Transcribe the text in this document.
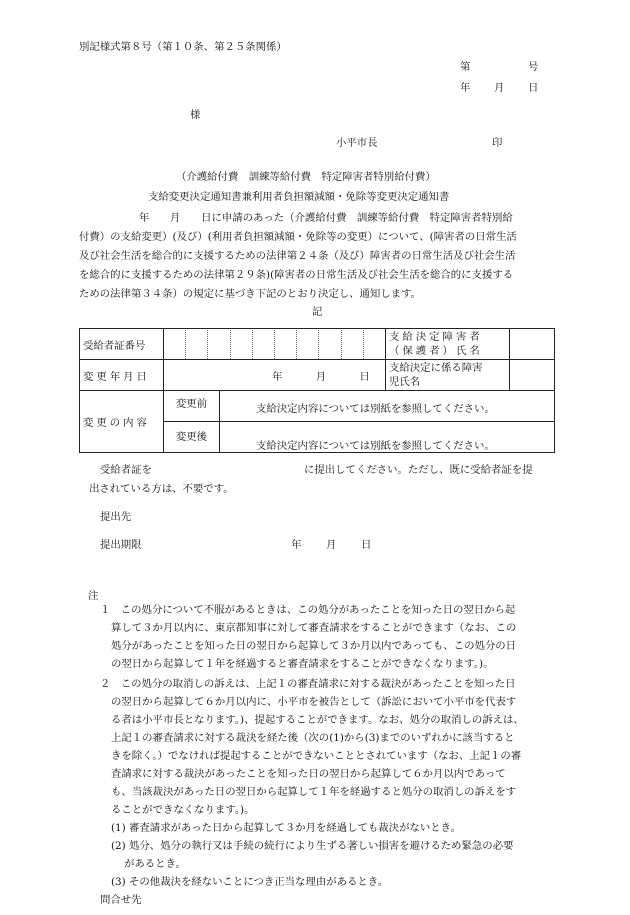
別記様式第８号（第１０条、第２５条関係）
第	号
年 月 日
様
小平市長	印
（介護給付費　訓練等給付費　特定障害者特別給付費）
支給変更決定通知書兼利用者負担額減額・免除等変更決定通知書
　　年　　月　　日に申請のあった（介護給付費　訓練等給付費　特定障害者特別給
付費）の支給変更）(及び）(利用者負担額減額・免除等の変更）について、(障害者の日常生活
及び社会生活を総合的に支援するための法律第２４条（及び）障害者の日常生活及び社会生活
を総合的に支援するための法律第２９条)(障害者の日常生活及び社会生活を総合的に支援する
ための法律第３４条）の規定に基づき下記のとおり決定し、通知します。
記
受給者証番号			支給決定障害者
（保護者）氏名	

変更年月日	年 月 日		支給決定に係る障害
児氏名	

変更の内容	変更前	支給決定内容については別紙を参照してください。		
	変更後	支給決定内容については別紙を参照してください。		
受給者証を	に提出してください。ただし、既に受給者証を提
出されている方は、不要です。
提出先
提出期限	年 月 日
注
１　この処分について不服があるときは、この処分があったことを知った日の翌日から起
算して３か月以内に、東京都知事に対して審査請求をすることができます（なお、この
処分があったことを知った日の翌日から起算して３か月以内であっても、この処分の日
の翌日から起算して１年を経過すると審査請求をすることができなくなります。)。
２　この処分の取消しの訴えは、上記１の審査請求に対する裁決があったことを知った日
の翌日から起算して６か月以内に、小平市を被告として（訴訟において小平市を代表す
る者は小平市長となります。)、提起することができます。なお、処分の取消しの訴えは、
上記１の審査請求に対する裁決を経た後（次の(1)から(3)までのいずれかに該当すると
きを除く。）でなければ提起することができないこととされています（なお、上記１の審
査請求に対する裁決があったことを知った日の翌日から起算して６か月以内であって
も、当該裁決があった日の翌日から起算して１年を経過すると処分の取消しの訴えをす
ることができなくなります。)。
(1) 審査請求があった日から起算して３か月を経過しても裁決がないとき。
(2) 処分、処分の執行又は手続の続行により生ずる著しい損害を避けるため緊急の必要
があるとき。
(3) その他裁決を経ないことにつき正当な理由があるとき。
問合せ先
